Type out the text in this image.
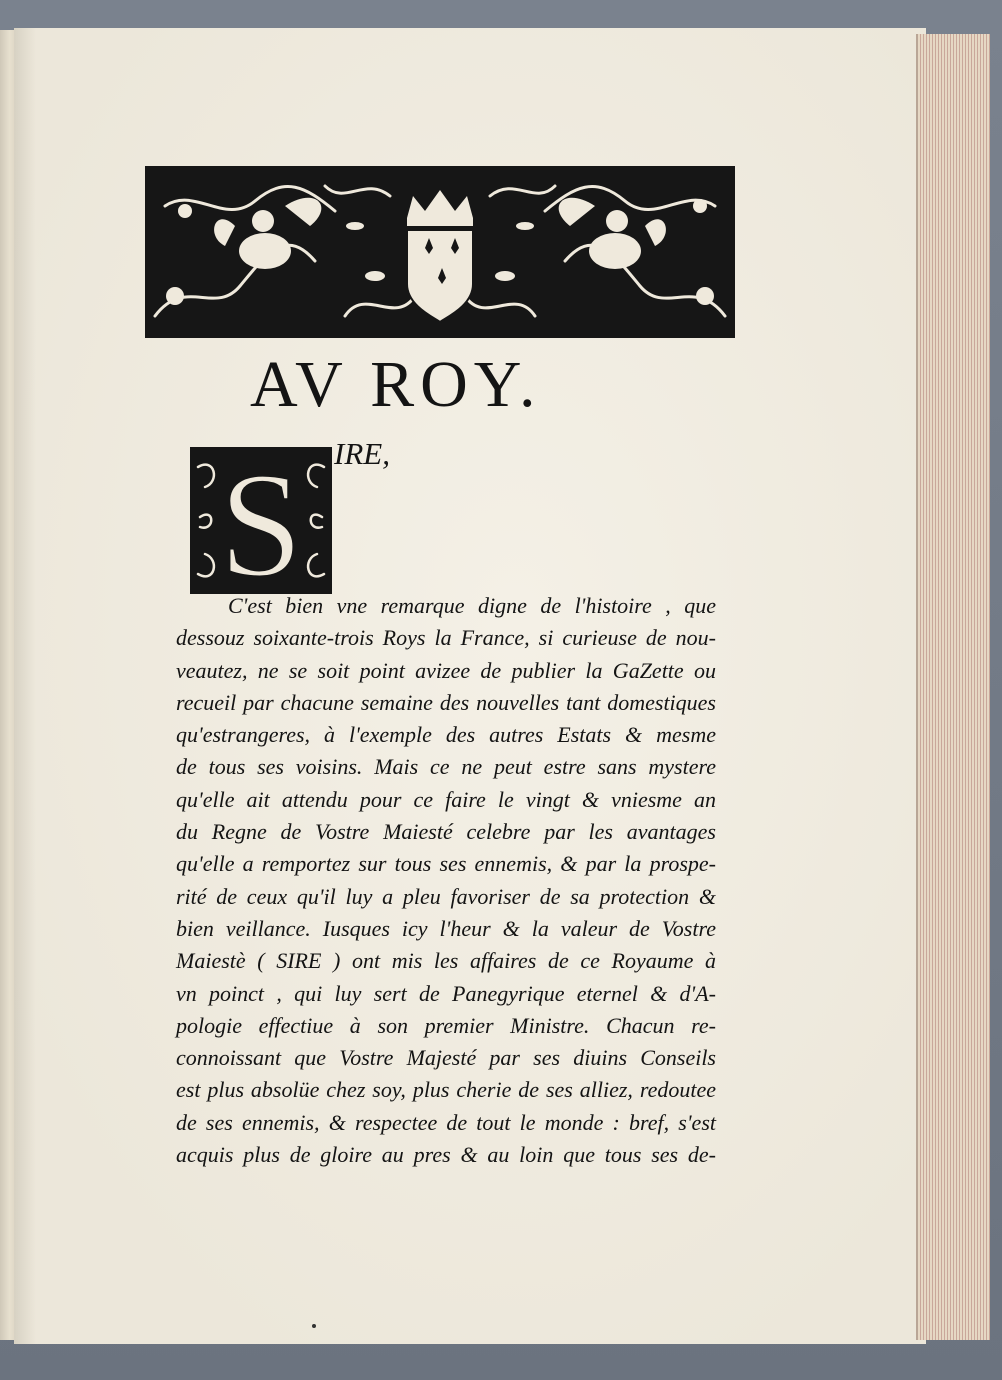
AV ROY.
S IRE,
C'est bien vne remarque digne de l'histoire , que
dessouz soixante-trois Roys la France, si curieuse de nou-
veautez, ne se soit point avizee de publier la GaZette ou
recueil par chacune semaine des nouvelles tant domestiques
qu'estrangeres, à l'exemple des autres Estats & mesme
de tous ses voisins. Mais ce ne peut estre sans mystere
qu'elle ait attendu pour ce faire le vingt & vniesme an
du Regne de Vostre Maiesté celebre par les avantages
qu'elle a remportez sur tous ses ennemis, & par la prospe-
rité de ceux qu'il luy a pleu favoriser de sa protection &
bien veillance. Iusques icy l'heur & la valeur de Vostre
Maiestè ( SIRE ) ont mis les affaires de ce Royaume à
vn poinct , qui luy sert de Panegyrique eternel & d'A-
pologie effectiue à son premier Ministre. Chacun re-
connoissant que Vostre Majesté par ses diuins Conseils
est plus absolüe chez soy, plus cherie de ses alliez, redoutee
de ses ennemis, & respectee de tout le monde : bref, s'est
acquis plus de gloire au pres & au loin que tous ses de-
